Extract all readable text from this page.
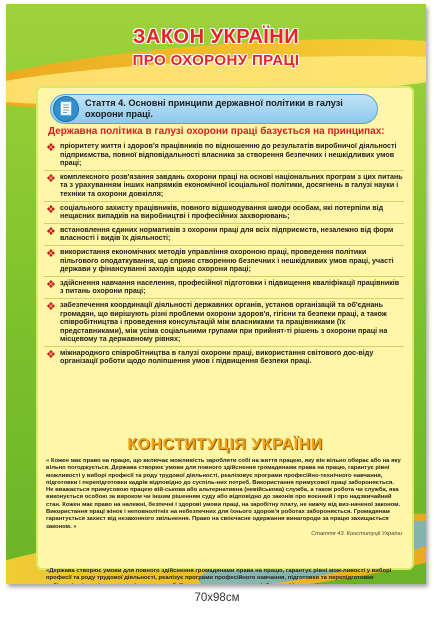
ЗАКОН УКРАЇНИ
ПРО ОХОРОНУ ПРАЦІ
Стаття 4. Основні принципи державної політики в галузі охорони праці.
Державна політика в галузі охорони праці базується на принципах:
❖ пріоритету життя і здоров'я працівників по відношенню до результатів виробничої діяльності підприємства, повної відповідальності власника за створення безпечних і нешкідливих умов праці;
❖ комплексного розв'язання завдань охорони праці на основі національних програм з цих питань та з урахуванням інших напрямків економічної ісоціальної політики, досягнень в галузі науки і техніки та охорони довкілля;
❖ соціального захисту працівників, повного відшкодування шкоди особам, які потерпіли від нещасних випадків на виробництві і професійних захворювань;
❖ встановлення єдиних нормативів з охорони праці для всіх підприємств, незалежно від форм власності і видів їх діяльності;
❖ використання економічних методів управління охороною праці, проведення політики пільгового оподаткування, що сприяє створенню безпечних і нешкідливих умов праці, участі держави у фінансуванні заходів щодо охорони праці;
❖ здійснення навчання населення, професійної підготовки і підвищення кваліфікації працівників з питань охорони праці;
❖ забезпечення координації діяльності державних органів, установ організацій та об'єднань громадян, що вирішують різні проблеми охорони здоров'я, гігієни та безпеки праці, а також співробітництва і проведення консультацій між власниками та працівниками (їх представниками), між усіма соціальними групами при прийнят-ті рішень з охорони праці на місцевому та державному рівнях;
❖ міжнародного співробітництва в галузі охорони праці, використання світового дос-віду організації роботи щодо поліпшення умов і підвищення безпеки праці.
КОНСТИТУЦІЯ УКРАЇНИ
« Кожен має право на працю, що включає можливість заробляти собі на життя працею, яку він вільно обирає або на яку вільно погоджується. Держава створює умови для повного здійснення громадянами права на працю, гарантує рівні можливості у виборі професії та роду трудової діяльності, реалізовує програми професійно-технічного навчання, підготовки і перепідготовки кадрів відповідно до суспіль-них потреб. Використання примусової праці забороняється. Не вважається примусовою працею вій-ськова або альтернативна (невійськова) служба, а також робота чи служба, яка виконується особою за вироком чи іншим рішенням суду або відповідно до законів про воєнний і про надзвичайний стан. Кожен має право на належні, безпечні і здорові умови праці, на заробітну плату, не нижчу від виз-наченої законом. Використання праці жінок і неповнолітніх на небезпечних для їхнього здоров'я роботах забороняється. Громадянам гарантується захист від незаконного звільнення. Право на своєчасне одержання винагороди за працю захищається законом. »
Стаття 43. Конституції України
«Держава створює умови для повного здійснення громадянами права на працю, гарантує рівні мож-ливості у виборі професії та роду трудової діяльності, реалізує програми професійного навчання, підготовки та перепідготовки
70x98см
